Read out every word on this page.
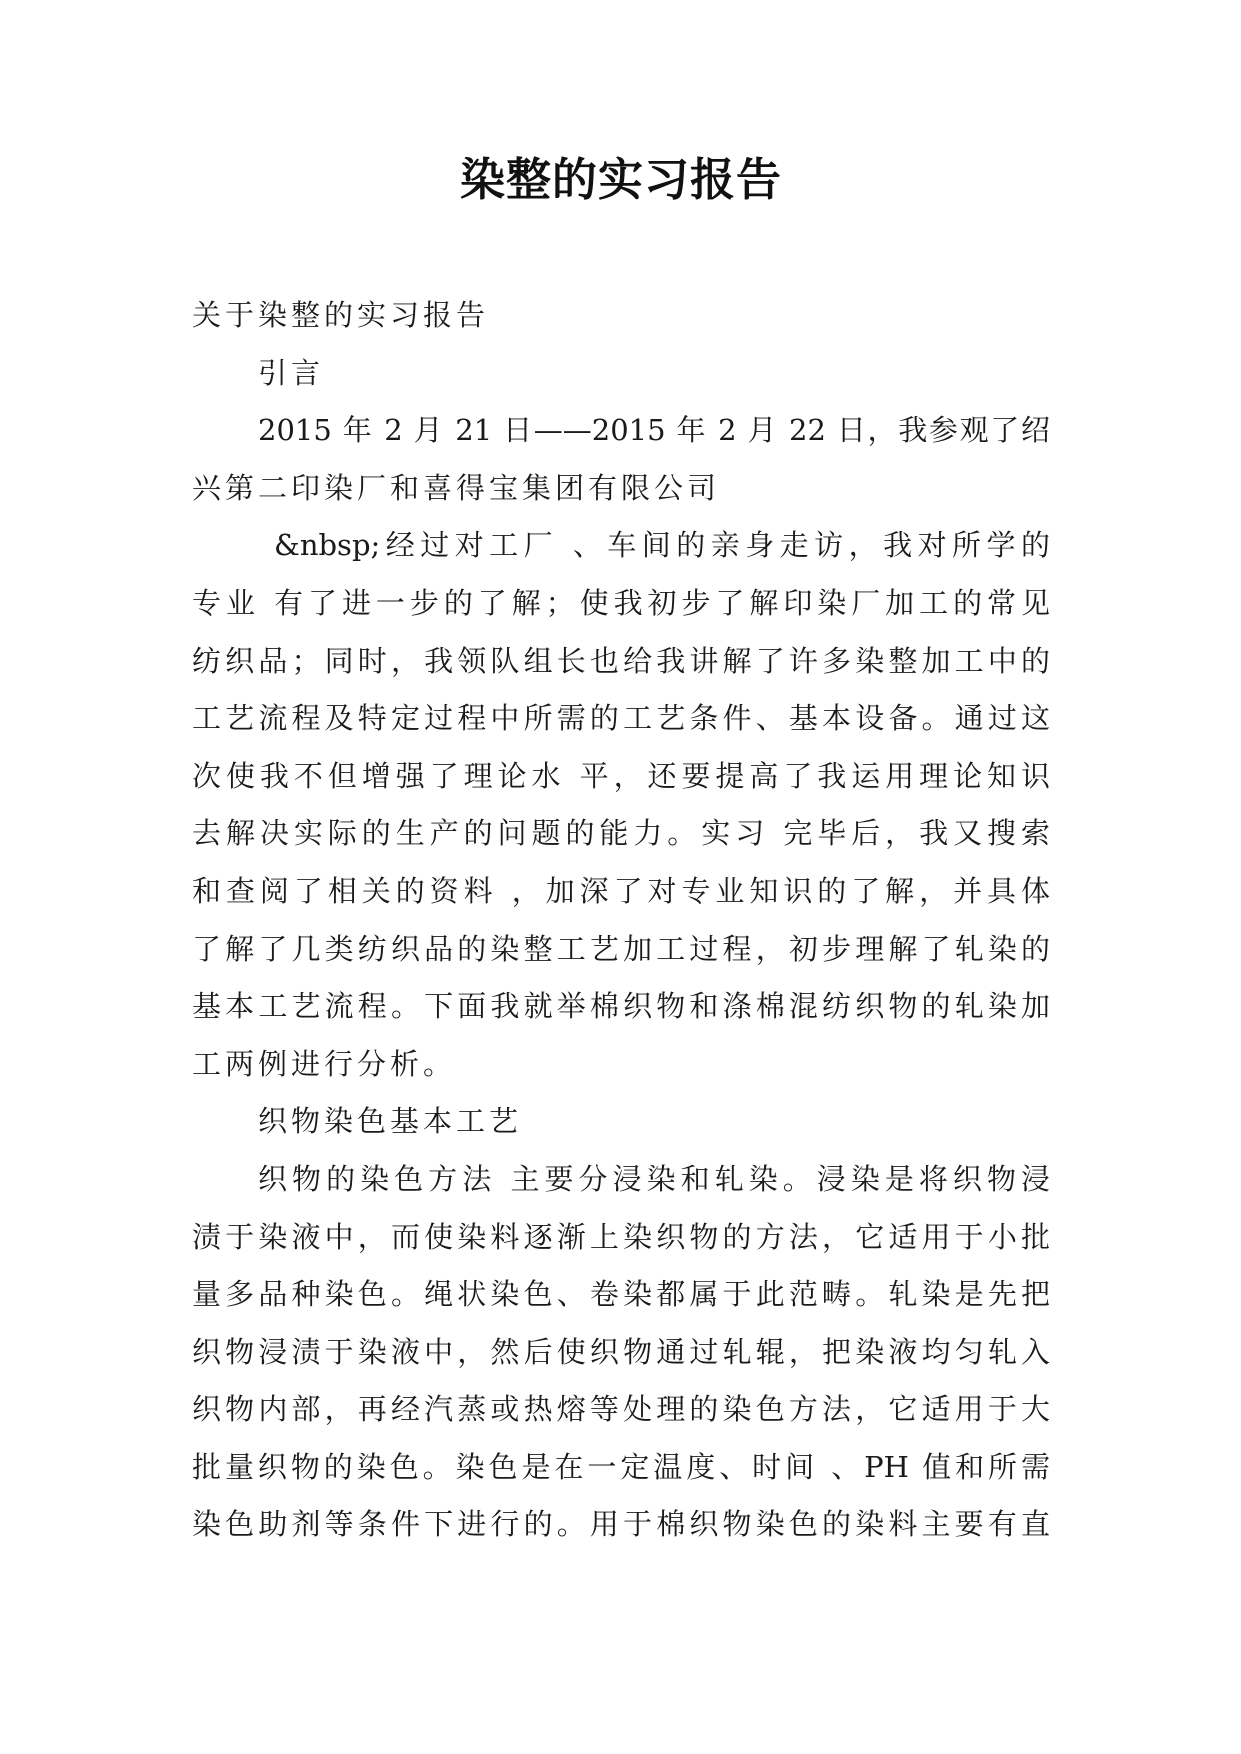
染整的实习报告
关于染整的实习报告
引言
2015 年 2 月 21 日——2015 年 2 月 22 日，我参观了绍
兴第二印染厂和喜得宝集团有限公司
&nbsp;经过对工厂 、车间的亲身走访，我对所学的
专业 有了进一步的了解；使我初步了解印染厂加工的常见
纺织品；同时，我领队组长也给我讲解了许多染整加工中的
工艺流程及特定过程中所需的工艺条件、基本设备。通过这
次使我不但增强了理论水 平，还要提高了我运用理论知识
去解决实际的生产的问题的能力。实习 完毕后，我又搜索
和查阅了相关的资料 ，加深了对专业知识的了解，并具体
了解了几类纺织品的染整工艺加工过程，初步理解了轧染的
基本工艺流程。下面我就举棉织物和涤棉混纺织物的轧染加
工两例进行分析。
织物染色基本工艺
织物的染色方法 主要分浸染和轧染。浸染是将织物浸
渍于染液中，而使染料逐渐上染织物的方法，它适用于小批
量多品种染色。绳状染色、卷染都属于此范畴。轧染是先把
织物浸渍于染液中，然后使织物通过轧辊，把染液均匀轧入
织物内部，再经汽蒸或热熔等处理的染色方法，它适用于大
批量织物的染色。染色是在一定温度、时间 、PH 值和所需
染色助剂等条件下进行的。用于棉织物染色的染料主要有直
